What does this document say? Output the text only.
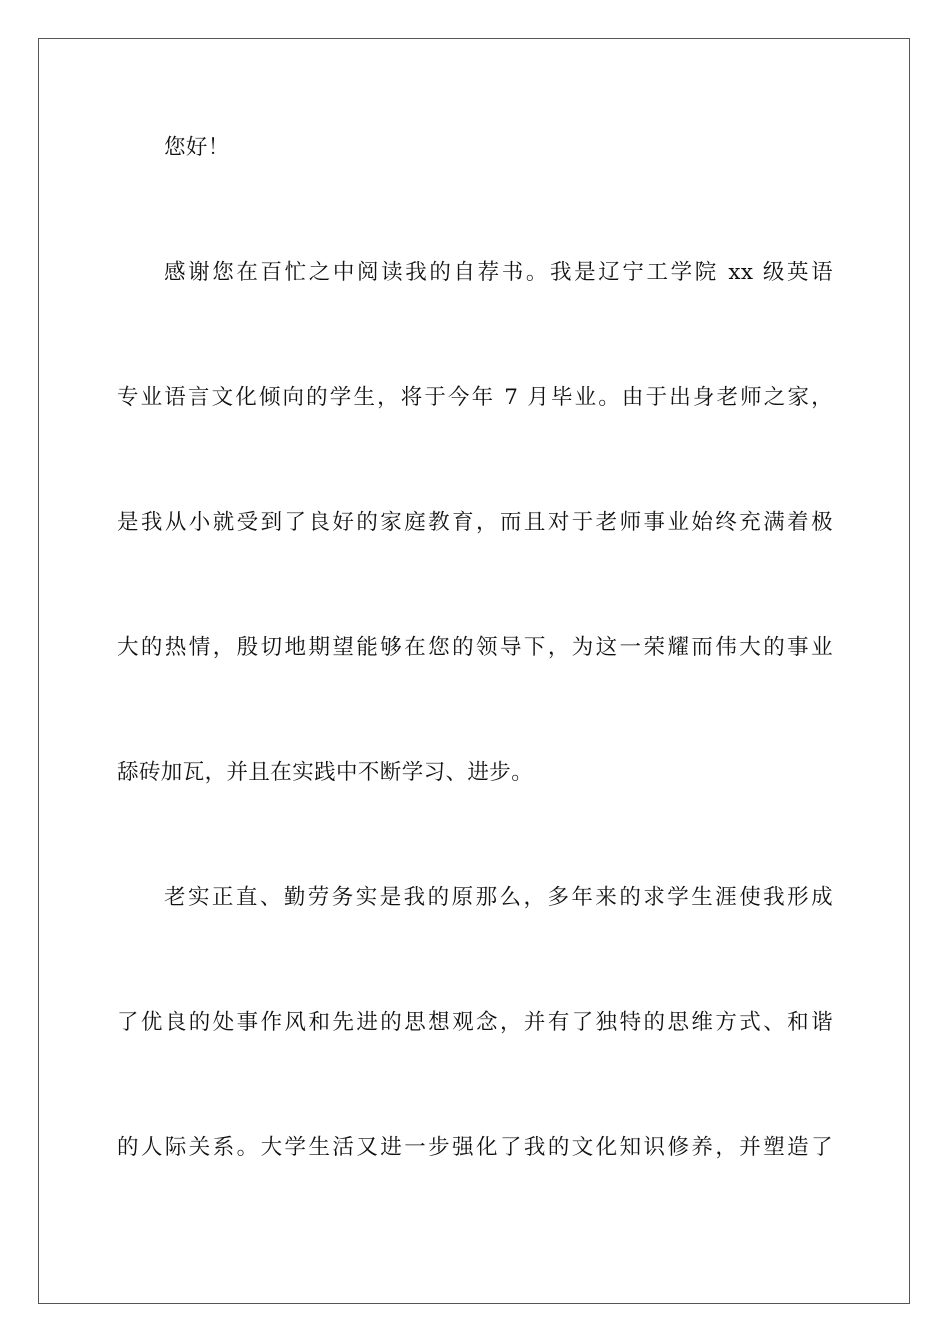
您好！

感谢您在百忙之中阅读我的自荐书。我是辽宁工学院 xx 级英语

专业语言文化倾向的学生，将于今年 7 月毕业。由于出身老师之家，

是我从小就受到了良好的家庭教育，而且对于老师事业始终充满着极

大的热情，殷切地期望能够在您的领导下，为这一荣耀而伟大的事业

舔砖加瓦，并且在实践中不断学习、进步。

老实正直、勤劳务实是我的原那么，多年来的求学生涯使我形成

了优良的处事作风和先进的思想观念，并有了独特的思维方式、和谐

的人际关系。大学生活又进一步强化了我的文化知识修养，并塑造了
